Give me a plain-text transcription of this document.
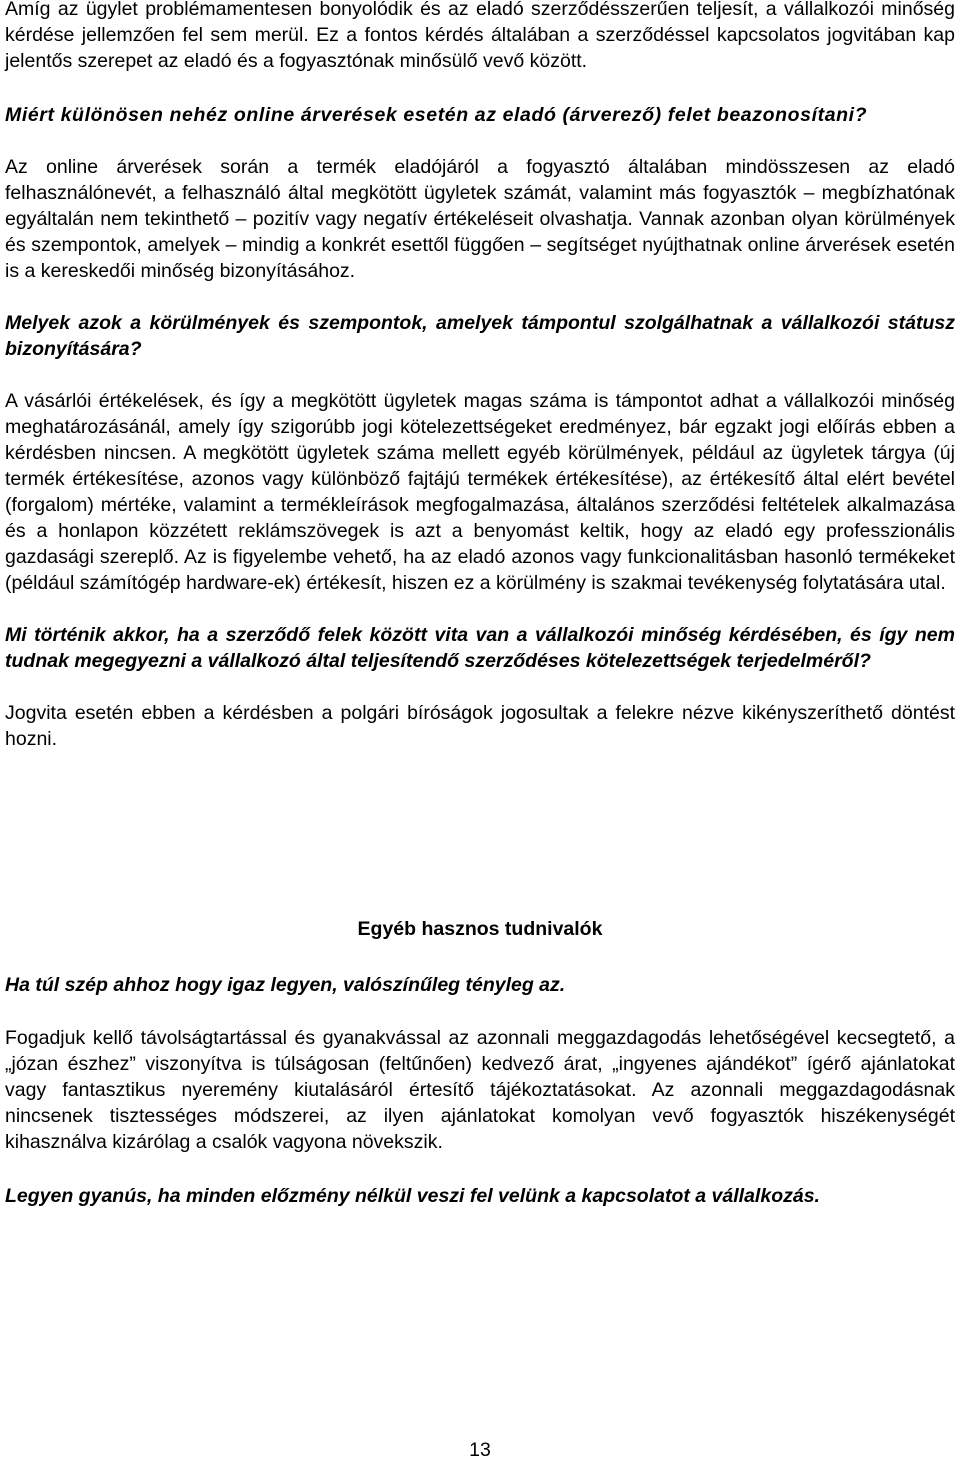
Amíg az ügylet problémamentesen bonyolódik és az eladó szerződésszerűen teljesít, a vállalkozói minőség kérdése jellemzően fel sem merül. Ez a fontos kérdés általában a szerződéssel kapcsolatos jogvitában kap jelentős szerepet az eladó és a fogyasztónak minősülő vevő között.

Miért különösen nehéz online árverések esetén az eladó (árverező) felet beazonosítani?

Az online árverések során a termék eladójáról a fogyasztó általában mindösszesen az eladó felhasználónevét, a felhasználó által megkötött ügyletek számát, valamint más fogyasztók – megbízhatónak egyáltalán nem tekinthető – pozitív vagy negatív értékeléseit olvashatja. Vannak azonban olyan körülmények és szempontok, amelyek – mindig a konkrét esettől függően – segítséget nyújthatnak online árverések esetén is a kereskedői minőség bizonyításához.

Melyek azok a körülmények és szempontok, amelyek támpontul szolgálhatnak a vállalkozói státusz bizonyítására?

A vásárlói értékelések, és így a megkötött ügyletek magas száma is támpontot adhat a vállalkozói minőség meghatározásánál, amely így szigorúbb jogi kötelezettségeket eredményez, bár egzakt jogi előírás ebben a kérdésben nincsen. A megkötött ügyletek száma mellett egyéb körülmények, például az ügyletek tárgya (új termék értékesítése, azonos vagy különböző fajtájú termékek értékesítése), az értékesítő által elért bevétel (forgalom) mértéke, valamint a termékleírások megfogalmazása, általános szerződési feltételek alkalmazása és a honlapon közzétett reklámszövegek is azt a benyomást keltik, hogy az eladó egy professzionális gazdasági szereplő. Az is figyelembe vehető, ha az eladó azonos vagy funkcionalitásban hasonló termékeket (például számítógép hardware-ek) értékesít, hiszen ez a körülmény is szakmai tevékenység folytatására utal.

Mi történik akkor, ha a szerződő felek között vita van a vállalkozói minőség kérdésében, és így nem tudnak megegyezni a vállalkozó által teljesítendő szerződéses kötelezettségek terjedelméről?

Jogvita esetén ebben a kérdésben a polgári bíróságok jogosultak a felekre nézve kikényszeríthető döntést hozni.

Egyéb hasznos tudnivalók

Ha túl szép ahhoz hogy igaz legyen, valószínűleg tényleg az.

Fogadjuk kellő távolságtartással és gyanakvással az azonnali meggazdagodás lehetőségével kecsegtető, a „józan észhez” viszonyítva is túlságosan (feltűnően) kedvező árat, „ingyenes ajándékot” ígérő ajánlatokat vagy fantasztikus nyeremény kiutalásáról értesítő tájékoztatásokat. Az azonnali meggazdagodásnak nincsenek tisztességes módszerei, az ilyen ajánlatokat komolyan vevő fogyasztók hiszékenységét kihasználva kizárólag a csalók vagyona növekszik.

Legyen gyanús, ha minden előzmény nélkül veszi fel velünk a kapcsolatot a vállalkozás.

13
